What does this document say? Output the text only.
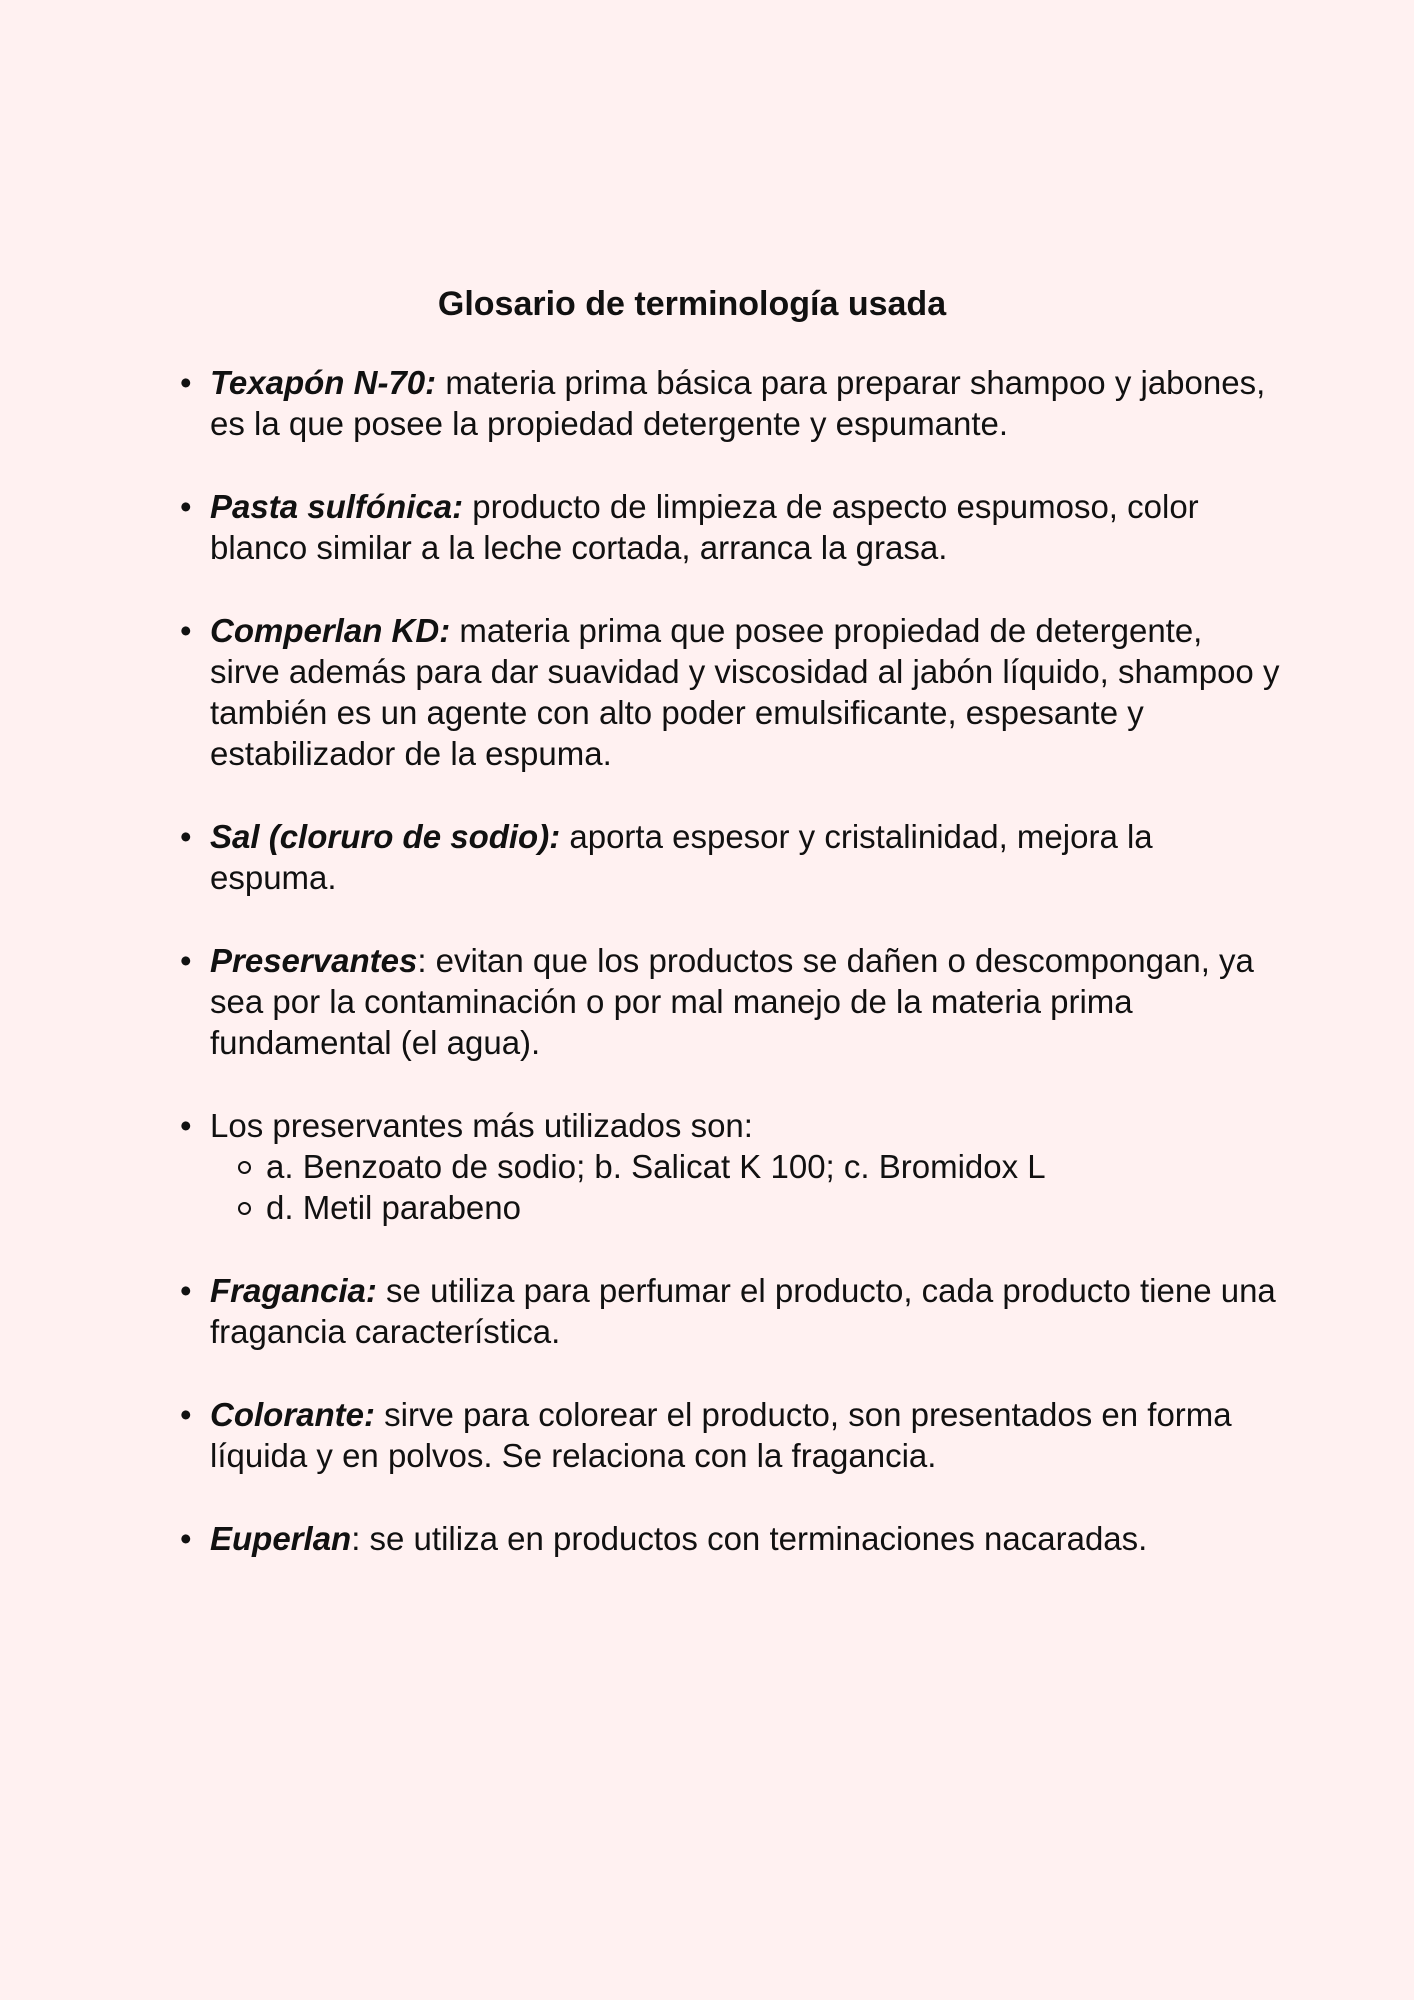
Glosario de terminología usada
• Texapón N-70: materia prima básica para preparar shampoo y jabones, es la que posee la propiedad detergente y espumante.
• Pasta sulfónica: producto de limpieza de aspecto espumoso, color blanco similar a la leche cortada, arranca la grasa.
• Comperlan KD: materia prima que posee propiedad de detergente, sirve además para dar suavidad y viscosidad al jabón líquido, shampoo y también es un agente con alto poder emulsificante, espesante y estabilizador de la espuma.
• Sal (cloruro de sodio): aporta espesor y cristalinidad, mejora la espuma.
• Preservantes: evitan que los productos se dañen o descompongan, ya sea por la contaminación o por mal manejo de la materia prima fundamental (el agua).
• Los preservantes más utilizados son:
a. Benzoato de sodio; b. Salicat K 100; c. Bromidox L
d. Metil parabeno
• Fragancia: se utiliza para perfumar el producto, cada producto tiene una fragancia característica.
• Colorante: sirve para colorear el producto, son presentados en forma líquida y en polvos. Se relaciona con la fragancia.
• Euperlan: se utiliza en productos con terminaciones nacaradas.
